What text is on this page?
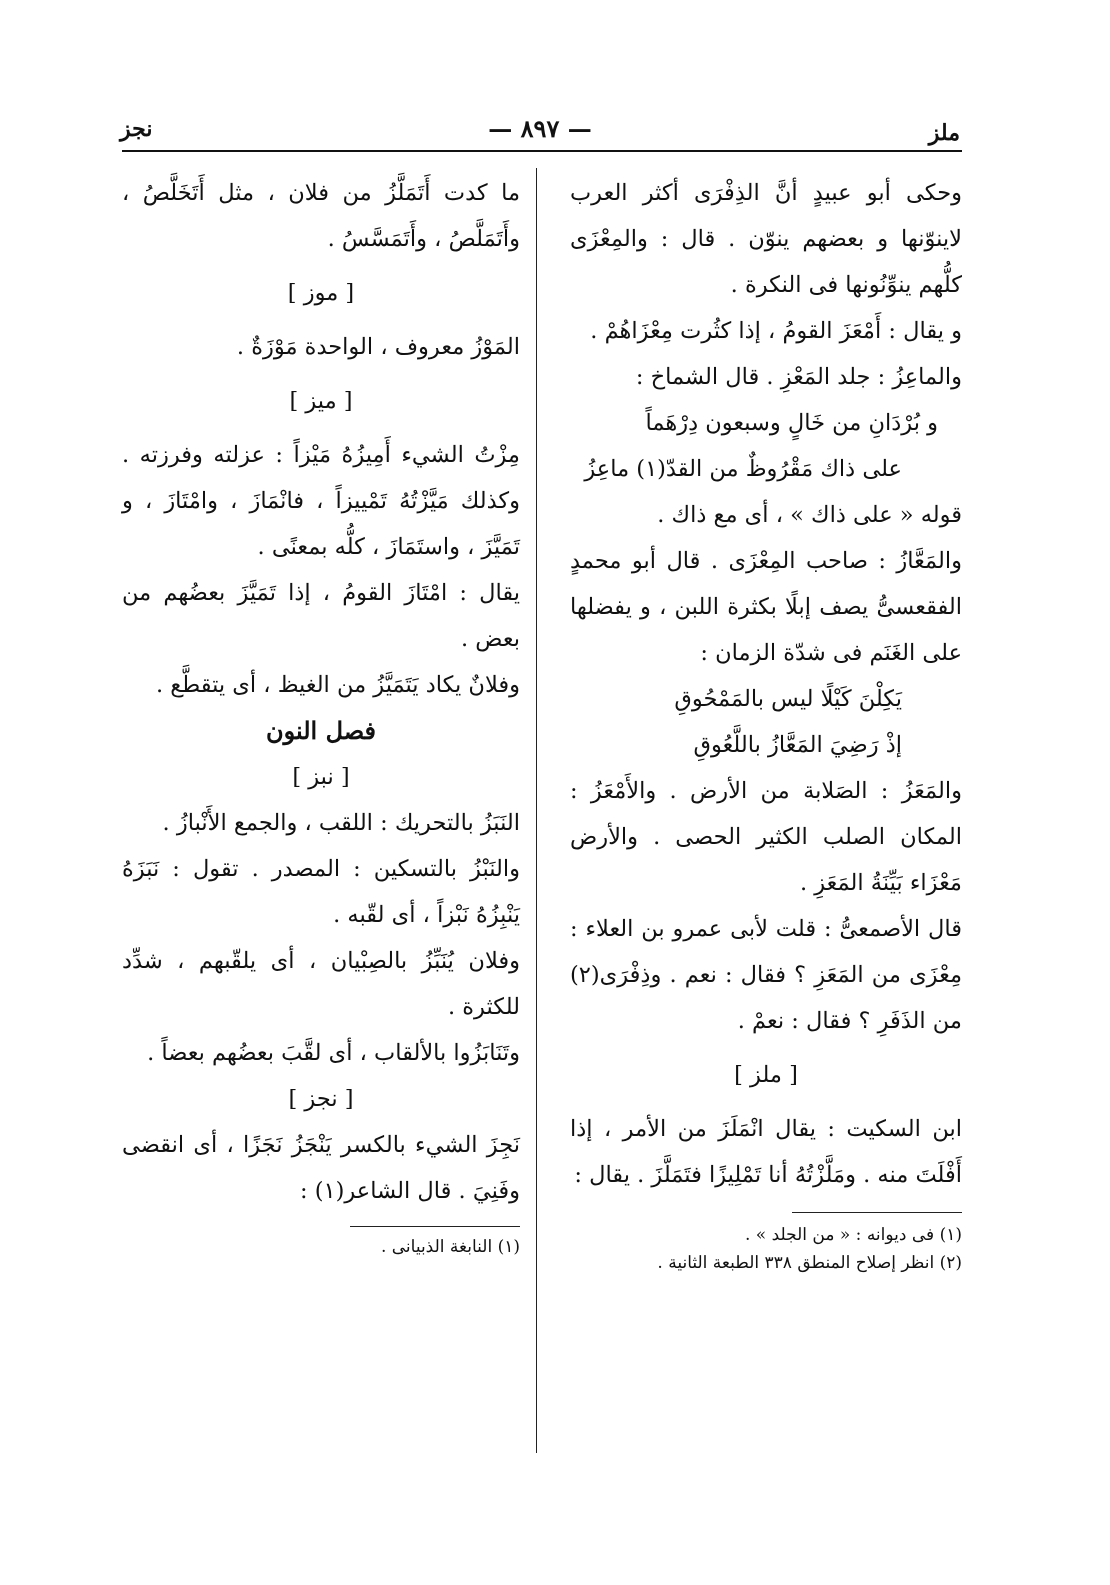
ملز
— ٨٩٧ —
نجز

وحكى أبو عبيدٍ أنَّ الذِفْرَى أكثر العرب لاينوّنها و بعضهم ينوّن . قال : والمِعْزَى كلُّهم ينوِّنُونها فى النكرة .

و يقال : أَمْعَزَ القومُ ، إذا كثُرت مِعْزَاهُمْ .

والماعِزُ : جلد المَعْزِ . قال الشماخ :

و بُرْدَانِ من خَالٍ وسبعون دِرْهَماً

على ذاك مَقْرُوظٌ من القدّ(١) ماعِزُ

قوله « على ذاك » ، أى مع ذاك .

والمَعَّازُ : صاحب المِعْزَى . قال أبو محمدٍ الفقعسىُّ يصف إبلًا بكثرة اللبن ، و يفضلها على الغَنَم فى شدّة الزمان :

يَكِلْنَ كَيْلًا ليس بالمَمْحُوقِ

إذْ رَضِيَ المَعَّازُ باللَّعُوقِ

والمَعَزُ : الصَلابة من الأرض . والأَمْعَزُ : المكان الصلب الكثير الحصى . والأرض مَعْزَاء بَيِّنَةُ المَعَزِ .

قال الأصمعىُّ : قلت لأبى عمرو بن العلاء : مِعْزَى من المَعَزِ ؟ فقال : نعم . وذِفْرَى(٢) من الذَفَرِ ؟ فقال : نعمْ .

[ ملز ]

ابن السكيت : يقال انْمَلَزَ من الأمر ، إذا أَفْلَتَ منه . ومَلَّزْتُهُ أنا تَمْلِيزًا فتَمَلَّزَ . يقال :

(١) فى ديوانه : « من الجلد » .

(٢) انظر إصلاح المنطق ٣٣٨ الطبعة الثانية .

ما كدت أَتَمَلَّزُ من فلان ، مثل أَتَخَلَّصُ ، وأَتَمَلَّصُ ، وأَتَمَسَّسُ .

[ موز ]

المَوْزُ معروف ، الواحدة مَوْزَةٌ .

[ ميز ]

مِزْتُ الشيء أَمِيزُهُ مَيْزاً : عزلته وفرزته . وكذلك مَيَّزْتُهُ تَمْييزاً ، فانْمَازَ ، وامْتَازَ ، و تَمَيَّزَ ، واستَمَازَ ، كلُّه بمعنًى .

يقال : امْتَازَ القومُ ، إذا تَمَيَّزَ بعضُهم من بعض .

وفلانٌ يكاد يَتَمَيَّزُ من الغيظ ، أى يتقطَّع .

فصل النون

[ نبز ]

النَبَزُ بالتحريك : اللقب ، والجمع الأَنْبازُ .

والنَبْزُ بالتسكين : المصدر . تقول : نَبَزَهُ يَنْبِزُهُ نَبْزاً ، أى لقّبه .

وفلان يُنَبِّزُ بالصِبْيان ، أى يلقّبهم ، شدِّد للكثرة .

وتَنَابَزُوا بالألقاب ، أى لقَّبَ بعضُهم بعضاً .

[ نجز ]

نَجِزَ الشيء بالكسر يَنْجَزُ نَجَزًا ، أى انقضى وفَنِيَ . قال الشاعر(١) :

(١) النابغة الذبيانى .
